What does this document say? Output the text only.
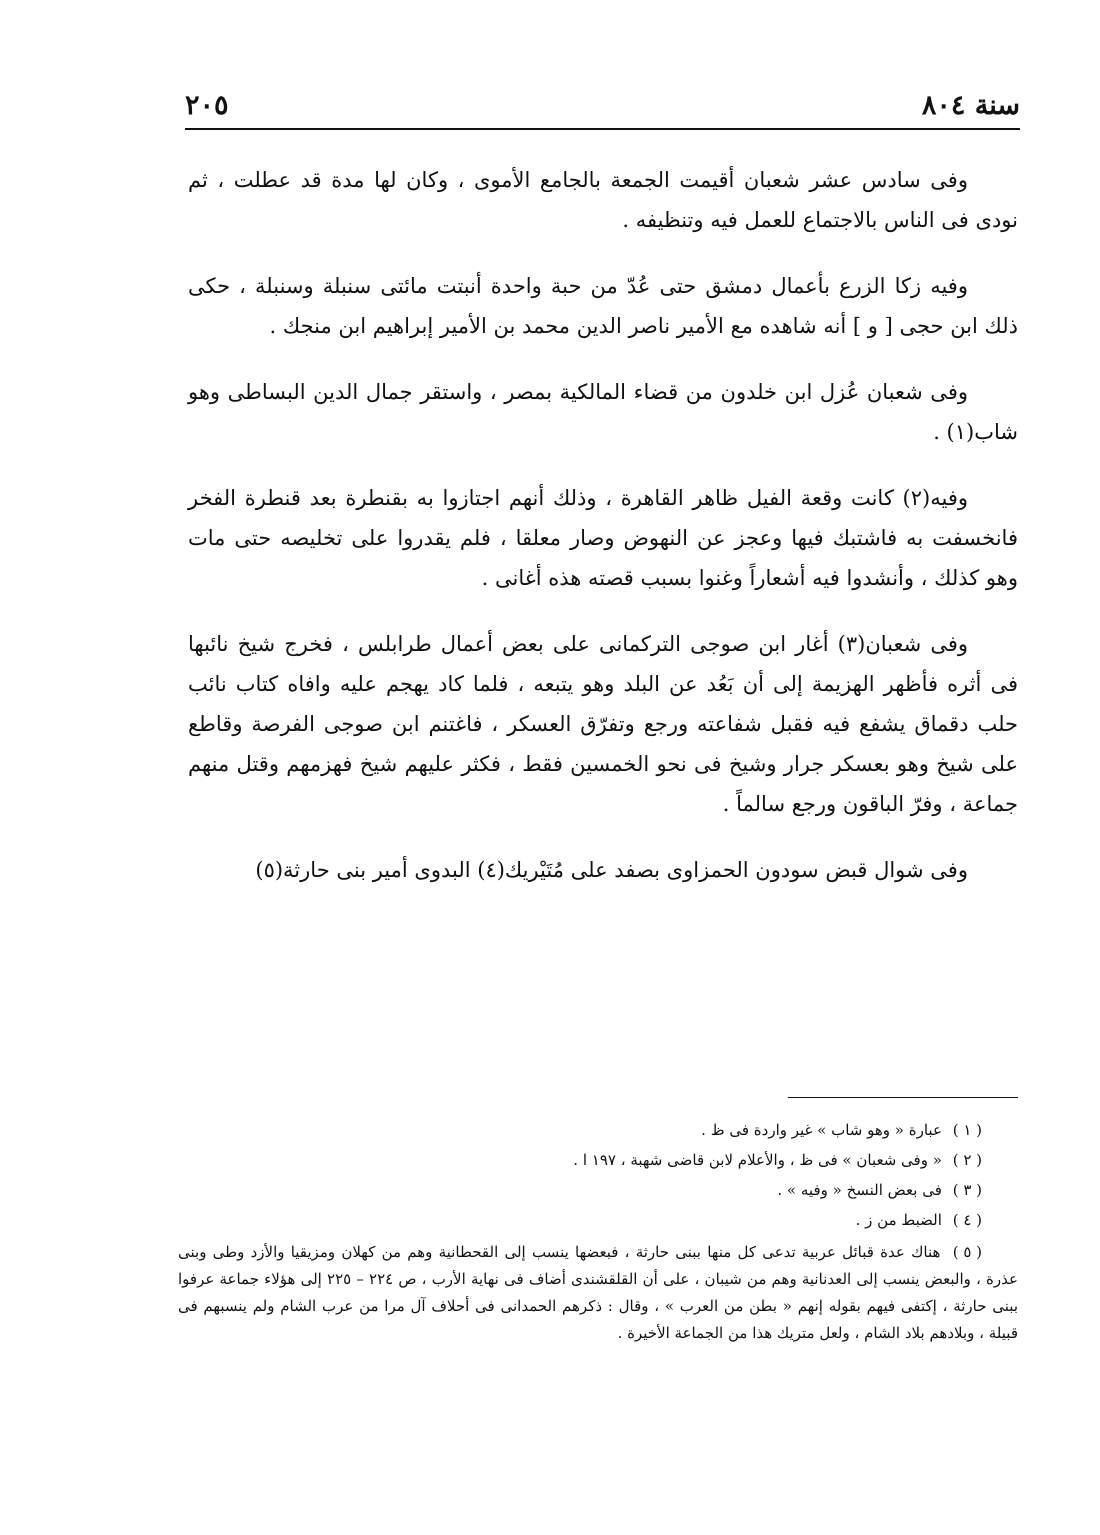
سنة ٨٠٤
٢٠٥

وفى سادس عشر شعبان أقيمت الجمعة بالجامع الأموى ، وكان لها مدة قد عطلت ، ثم نودى فى الناس بالاجتماع للعمل فيه وتنظيفه .

وفيه زكا الزرع بأعمال دمشق حتى عُدّ من حبة واحدة أنبتت مائتى سنبلة وسنبلة ، حكى ذلك ابن حجى [ و ] أنه شاهده مع الأمير ناصر الدين محمد بن الأمير إبراهيم ابن منجك .

وفى شعبان عُزل ابن خلدون من قضاء المالكية بمصر ، واستقر جمال الدين البساطى وهو شاب(١) .

وفيه(٢) كانت وقعة الفيل ظاهر القاهرة ، وذلك أنهم اجتازوا به بقنطرة بعد قنطرة الفخر فانخسفت به فاشتبك فيها وعجز عن النهوض وصار معلقا ، فلم يقدروا على تخليصه حتى مات وهو كذلك ، وأنشدوا فيه أشعاراً وغنوا بسبب قصته هذه أغانى .

وفى شعبان(٣) أغار ابن صوجى التركمانى على بعض أعمال طرابلس ، فخرج شيخ نائبها فى أثره فأظهر الهزيمة إلى أن بَعُد عن البلد وهو يتبعه ، فلما كاد يهجم عليه وافاه كتاب نائب حلب دقماق يشفع فيه فقبل شفاعته ورجع وتفرّق العسكر ، فاغتنم ابن صوجى الفرصة وقاطع على شيخ وهو بعسكر جرار وشيخ فى نحو الخمسين فقط ، فكثر عليهم شيخ فهزمهم وقتل منهم جماعة ، وفرّ الباقون ورجع سالماً .

وفى شوال قبض سودون الحمزاوى بصفد على مُتَيْريك(٤) البدوى أمير بنى حارثة(٥)

( ١ ) عبارة « وهو شاب » غير واردة فى ظ .

( ٢ ) « وفى شعبان » فى ظ ، والأعلام لابن قاضى شهبة ، ١٩٧ ا .

( ٣ ) فى بعض النسخ « وفيه » .

( ٤ ) الضبط من ز .

( ٥ ) هناك عدة قبائل عربية تدعى كل منها ببنى حارثة ، فبعضها ينسب إلى القحطانية وهم من كهلان ومزيقيا والأزد وطى وبنى عذرة ، والبعض ينسب إلى العدنانية وهم من شيبان ، على أن القلقشندى أضاف فى نهاية الأرب ، ص ٢٢٤ – ٢٢٥ إلى هؤلاء جماعة عرفوا ببنى حارثة ، إكتفى فيهم بقوله إنهم « بطن من العرب » ، وقال : ذكرهم الحمدانى فى أحلاف آل مرا من عرب الشام ولم ينسبهم فى قبيلة ، وبلادهم بلاد الشام ، ولعل متريك هذا من الجماعة الأخيرة .
